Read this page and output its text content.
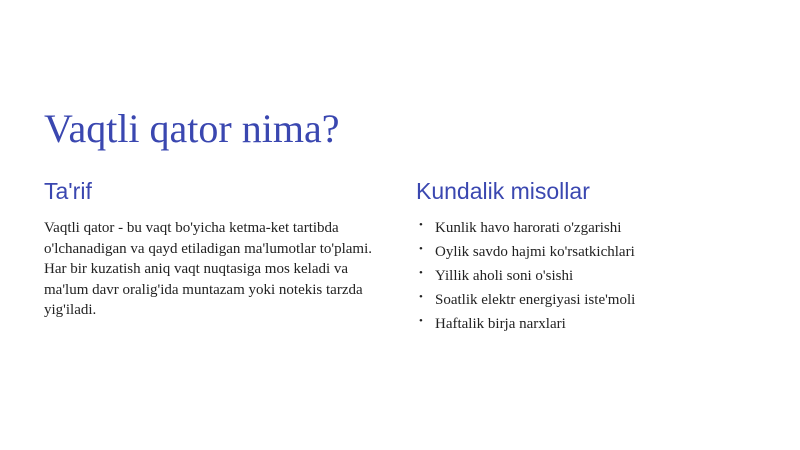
Vaqtli qator nima?
Ta'rif

Vaqtli qator - bu vaqt bo'yicha ketma-ket tartibda o'lchanadigan va qayd etiladigan ma'lumotlar to'plami. Har bir kuzatish aniq vaqt nuqtasiga mos keladi va ma'lum davr oralig'ida muntazam yoki notekis tarzda yig'iladi.

Kundalik misollar
• Kunlik havo harorati o'zgarishi
• Oylik savdo hajmi ko'rsatkichlari
• Yillik aholi soni o'sishi
• Soatlik elektr energiyasi iste'moli
• Haftalik birja narxlari
